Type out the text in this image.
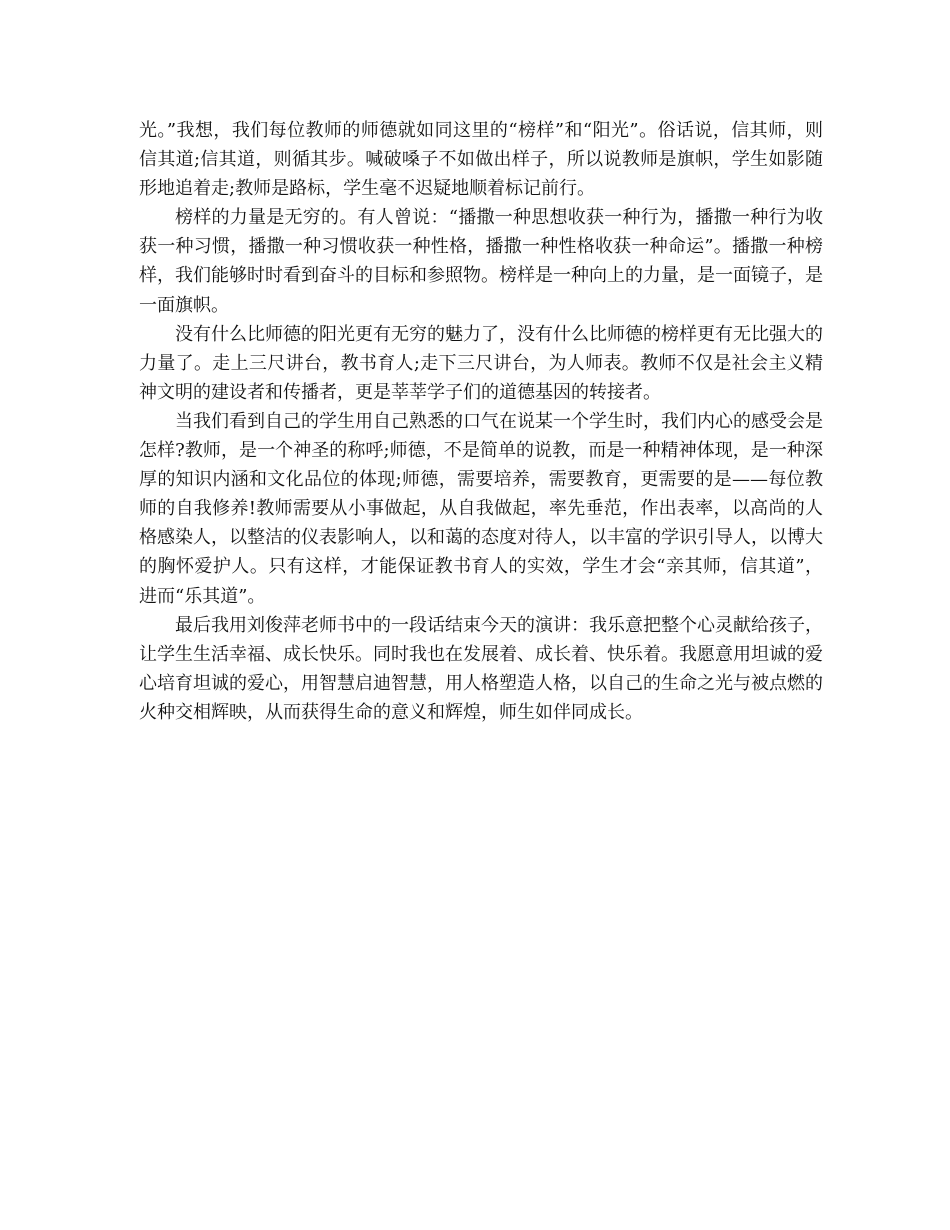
光。”我想，我们每位教师的师德就如同这里的“榜样”和“阳光”。俗话说，信其师，则信其道;信其道，则循其步。喊破嗓子不如做出样子，所以说教师是旗帜，学生如影随形地追着走;教师是路标，学生毫不迟疑地顺着标记前行。

榜样的力量是无穷的。有人曾说：“播撒一种思想收获一种行为，播撒一种行为收获一种习惯，播撒一种习惯收获一种性格，播撒一种性格收获一种命运”。播撒一种榜样，我们能够时时看到奋斗的目标和参照物。榜样是一种向上的力量，是一面镜子，是一面旗帜。

没有什么比师德的阳光更有无穷的魅力了，没有什么比师德的榜样更有无比强大的力量了。走上三尺讲台，教书育人;走下三尺讲台，为人师表。教师不仅是社会主义精神文明的建设者和传播者，更是莘莘学子们的道德基因的转接者。

当我们看到自己的学生用自己熟悉的口气在说某一个学生时，我们内心的感受会是怎样?教师，是一个神圣的称呼;师德，不是简单的说教，而是一种精神体现，是一种深厚的知识内涵和文化品位的体现;师德，需要培养，需要教育，更需要的是——每位教师的自我修养!教师需要从小事做起，从自我做起，率先垂范，作出表率，以高尚的人格感染人，以整洁的仪表影响人，以和蔼的态度对待人，以丰富的学识引导人，以博大的胸怀爱护人。只有这样，才能保证教书育人的实效，学生才会“亲其师，信其道”，进而“乐其道”。

最后我用刘俊萍老师书中的一段话结束今天的演讲：我乐意把整个心灵献给孩子，让学生生活幸福、成长快乐。同时我也在发展着、成长着、快乐着。我愿意用坦诚的爱心培育坦诚的爱心，用智慧启迪智慧，用人格塑造人格，以自己的生命之光与被点燃的火种交相辉映，从而获得生命的意义和辉煌，师生如伴同成长。
